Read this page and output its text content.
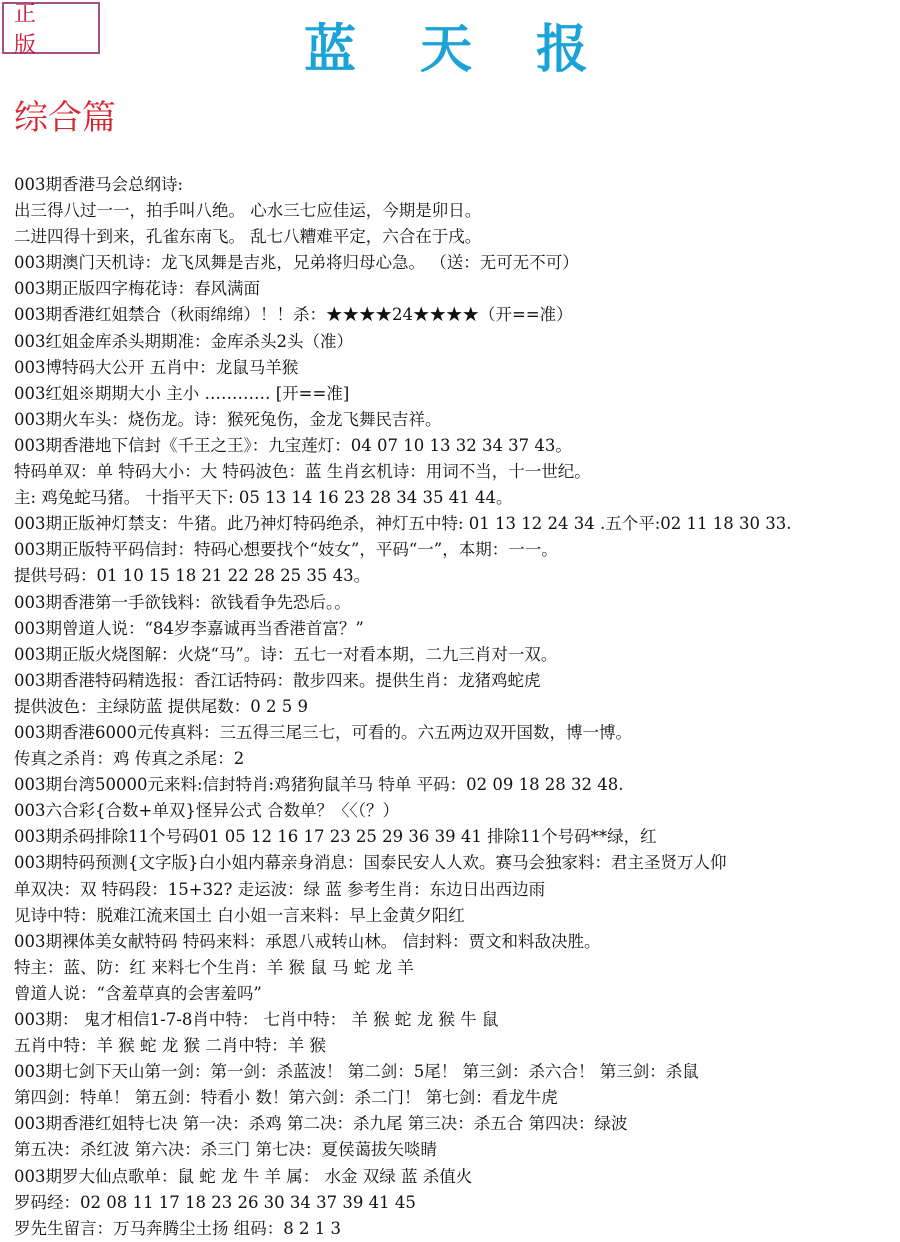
正 版	蓝天报
综合篇
003期香港马会总纲诗:
出三得八过一一，拍手叫八绝。 心水三七应佳运，今期是卯日。
二进四得十到来，孔雀东南飞。 乱七八糟难平定，六合在于戌。
003期澳门天机诗：龙飞凤舞是吉兆，兄弟将归母心急。 （送：无可无不可）
003期正版四字梅花诗：春风满面
003期香港红姐禁合（秋雨绵绵）！！杀：★★★★24★★★★（开==准）
003红姐金库杀头期期准：金库杀头2头（准）
003博特码大公开 五肖中：龙鼠马羊猴
003红姐※期期大小 主小 ………… [开==准]
003期火车头：烧伤龙。诗：猴死兔伤，金龙飞舞民吉祥。
003期香港地下信封《千王之王》：九宝莲灯：04 07 10 13 32 34 37 43。
特码单双：单 特码大小：大 特码波色：蓝 生肖玄机诗：用词不当，十一世纪。
主: 鸡兔蛇马猪。 十指平天下: 05 13 14 16 23 28 34 35 41 44。
003期正版神灯禁支：牛猪。此乃神灯特码绝杀，神灯五中特: 01 13 12 24 34 .五个平:02 11 18 30 33.
003期正版特平码信封：特码心想要找个“妓女”，平码“一”，本期：一一。
提供号码：01 10 15 18 21 22 28 25 35 43。
003期香港第一手欲钱料：欲钱看争先恐后。。
003期曾道人说：“84岁李嘉诚再当香港首富？”
003期正版火烧图解：火烧“马”。诗：五七一对看本期，二九三肖对一双。
003期香港特码精选报：香江话特码：散步四来。提供生肖：龙猪鸡蛇虎
提供波色：主绿防蓝 提供尾数：0 2 5 9
003期香港6000元传真料：三五得三尾三七，可看的。六五两边双开国数，博一博。
传真之杀肖：鸡 传真之杀尾：2
003期台湾50000元来料:信封特肖:鸡猪狗鼠羊马 特单 平码：02 09 18 28 32 48.
003六合彩{合数+单双}怪异公式 合数单？〈〈（？）
003期杀码排除11个号码01 05 12 16 17 23 25 29 36 39 41 排除11个号码**绿，红
003期特码预测{文字版}白小姐内幕亲身消息：国泰民安人人欢。赛马会独家料：君主圣贤万人仰
单双决：双 特码段：15+32? 走运波：绿 蓝 参考生肖：东边日出西边雨
见诗中特：脱难江流来国土 白小姐一言来料：早上金黄夕阳红
003期裸体美女献特码 特码来料：承恩八戒转山林。 信封料：贾文和料敌决胜。
特主：蓝、防：红 来料七个生肖：羊 猴 鼠 马 蛇 龙 羊
曾道人说：“含羞草真的会害羞吗”
003期： 鬼才相信1-7-8肖中特： 七肖中特： 羊 猴 蛇 龙 猴 牛 鼠
五肖中特：羊 猴 蛇 龙 猴 二肖中特：羊 猴
003期七剑下天山第一剑：第一剑：杀蓝波！ 第二剑：5尾！ 第三剑：杀六合！ 第三剑：杀鼠
第四剑：特单！ 第五剑：特看小 数！第六剑：杀二门！ 第七剑：看龙牛虎
003期香港红姐特七决 第一决：杀鸡 第二决：杀九尾 第三决：杀五合 第四决：绿波
第五决：杀红波 第六决：杀三门 第七决：夏侯蔼拔矢啖睛
003期罗大仙点歌单：鼠 蛇 龙 牛 羊 属： 水金 双绿 蓝 杀值火
罗码经：02 08 11 17 18 23 26 30 34 37 39 41 45
罗先生留言：万马奔腾尘土扬 组码：8 2 1 3
